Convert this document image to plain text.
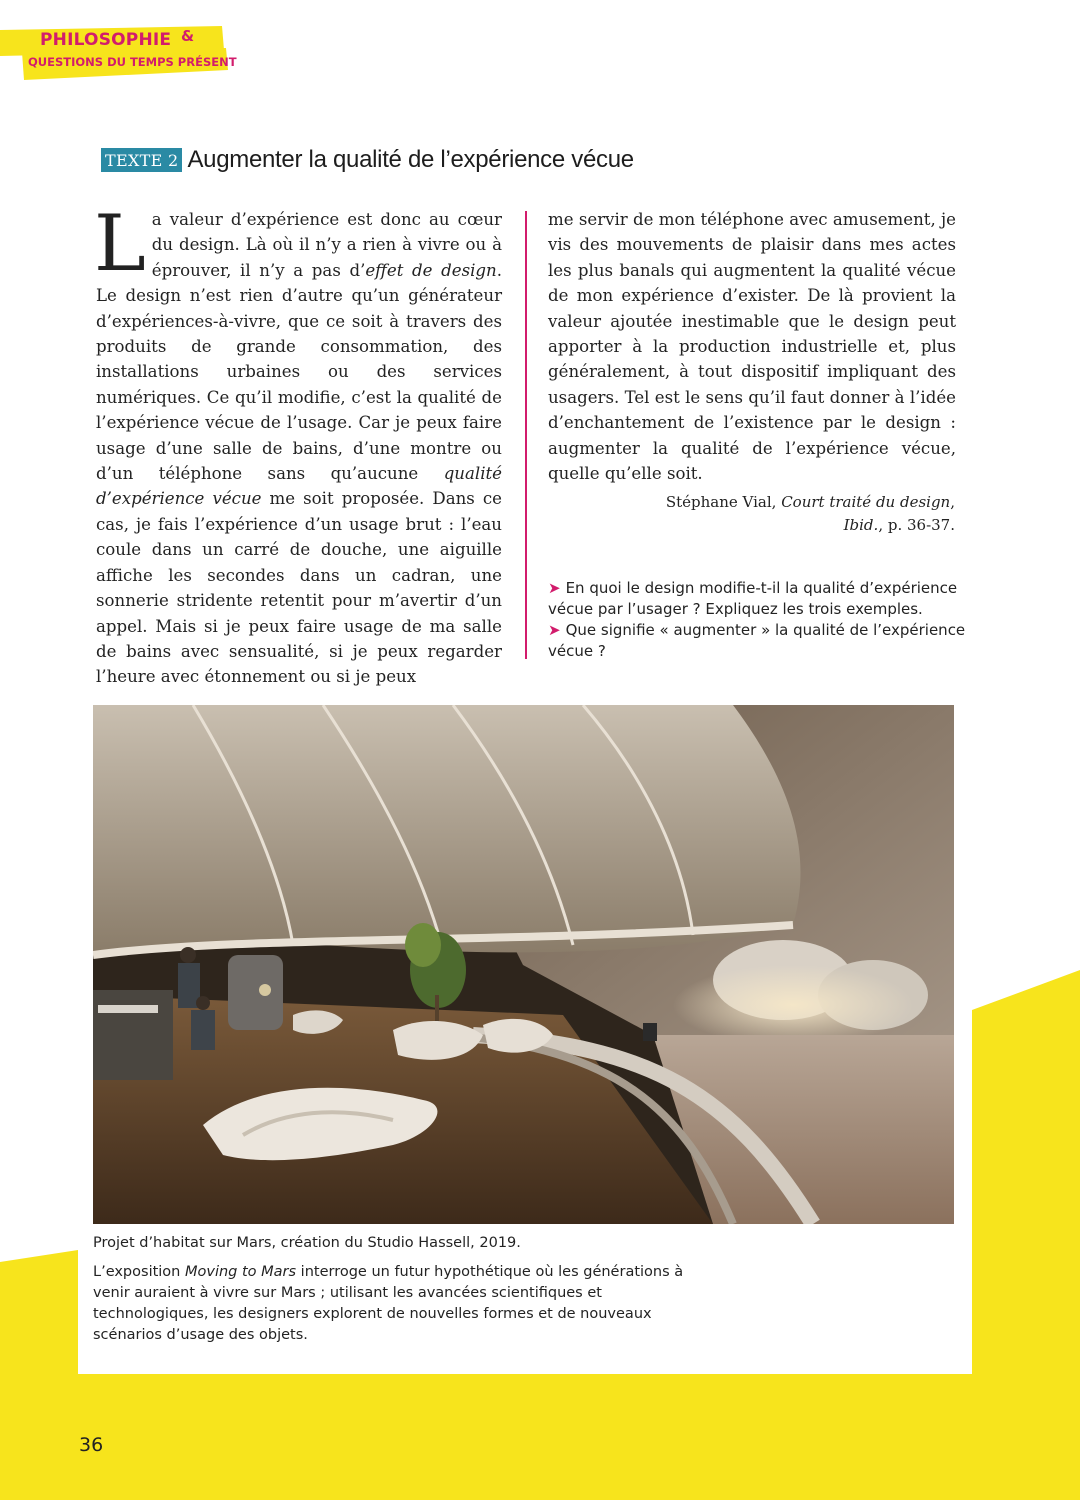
PHILOSOPHIE &
QUESTIONS DU TEMPS PRÉSENT
TEXTE 2 Augmenter la qualité de l’expérience vécue
L a valeur d’expérience est donc au cœur du design. Là où il n’y a rien à vivre ou à éprouver, il n’y a pas d’effet de design. Le design n’est rien d’autre qu’un générateur d’expériences-à-vivre, que ce soit à travers des produits de grande consommation, des installations urbaines ou des services numériques. Ce qu’il modifie, c’est la qualité de l’expérience vécue de l’usage. Car je peux faire usage d’une salle de bains, d’une montre ou d’un téléphone sans qu’aucune qualité d’expérience vécue me soit proposée. Dans ce cas, je fais l’expérience d’un usage brut : l’eau coule dans un carré de douche, une aiguille affiche les secondes dans un cadran, une sonnerie stridente retentit pour m’avertir d’un appel. Mais si je peux faire usage de ma salle de bains avec sensualité, si je peux regarder l’heure avec étonnement ou si je peux
me servir de mon téléphone avec amusement, je vis des mouvements de plaisir dans mes actes les plus banals qui augmentent la qualité vécue de mon expérience d’exister. De là provient la valeur ajoutée inestimable que le design peut apporter à la production industrielle et, plus généralement, à tout dispositif impliquant des usagers. Tel est le sens qu’il faut donner à l’idée d’enchantement de l’existence par le design : augmenter la qualité de l’expérience vécue, quelle qu’elle soit.
Stéphane Vial, Court traité du design,
Ibid., p. 36-37.
➤ En quoi le design modifie-t-il la qualité d’expérience vécue par l’usager ? Expliquez les trois exemples.
➤ Que signifie « augmenter » la qualité de l’expérience vécue ?

Projet d’habitat sur Mars, création du Studio Hassell, 2019.

L’exposition Moving to Mars interroge un futur hypothétique où les générations à venir auraient à vivre sur Mars ; utilisant les avancées scientifiques et technologiques, les designers explorent de nouvelles formes et de nouveaux scénarios d’usage des objets.

36
